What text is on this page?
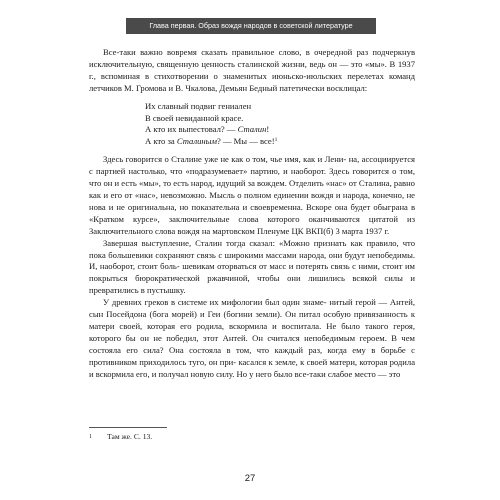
Глава первая. Образ вождя народов в советской литературе

Все-таки важно вовремя сказать правильное слово, в очередной раз подчеркнув исключительную, священную ценность сталинской жизни, ведь он — это «мы». В 1937 г., вспоминая в стихотворении о знаменитых июньско-июльских перелетах команд летчиков М. Громова и В. Чкалова, Демьян Бедный патетически восклицал:

Их славный подвиг гениален
В своей невиданной красе.
А кто их выпестовал? — Сталин!
А кто за Сталиным? — Мы — все!$^1$

Здесь говорится о Сталине уже не как о том, чье имя, как и Лени- на, ассоциируется с партией настолько, что «подразумевает» партию, и наоборот. Здесь говорится о том, что он и есть «мы», то есть народ, идущий за вождем. Отделить «нас» от Сталина, равно как и его от «нас», невозможно. Мысль о полном единении вождя и народа, конечно, не нова и не оригинальна, но показательна и своевременна. Вскоре она будет обыграна в «Кратком курсе», заключительные слова которого оканчиваются цитатой из Заключительного слова вождя на мартовском Пленуме ЦК ВКП(б) 3 марта 1937 г.

Завершая выступление, Сталин тогда сказал: «Можно признать как правило, что пока большевики сохраняют связь с широкими массами народа, они будут непобедимы. И, наоборот, стоит боль- шевикам оторваться от масс и потерять связь с ними, стоит им покрыться бюрократической ржавчиной, чтобы они лишились всякой силы и превратились в пустышку.

У древних греков в системе их мифологии был один знаме- нитый герой — Антей, сын Посейдона (бога морей) и Геи (богини земли). Он питал особую привязанность к матери своей, которая его родила, вскормила и воспитала. Не было такого героя, которого бы он не победил, этот Антей. Он считался непобедимым героем. В чем состояла его сила? Она состояла в том, что каждый раз, когда ему в борьбе с противником приходилось туго, он при- касался к земле, к своей матери, которая родила и вскормила его, и получал новую силу. Но у него было все-таки слабое место — это

1 Там же. С. 13.
27
